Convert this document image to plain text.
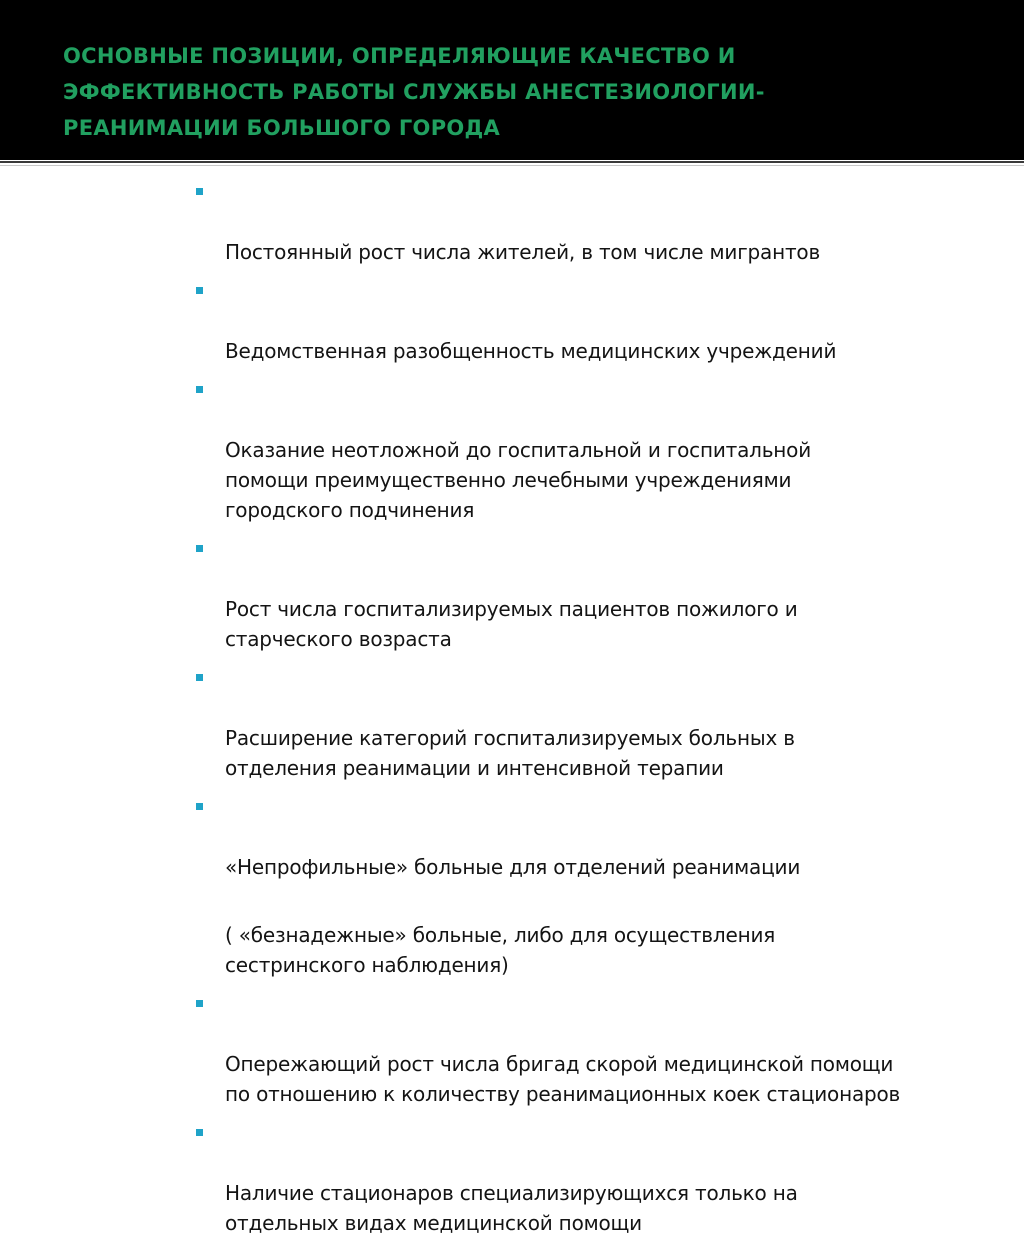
ОСНОВНЫЕ ПОЗИЦИИ, ОПРЕДЕЛЯЮЩИЕ КАЧЕСТВО И
ЭФФЕКТИВНОСТЬ РАБОТЫ СЛУЖБЫ АНЕСТЕЗИОЛОГИИ-
РЕАНИМАЦИИ БОЛЬШОГО ГОРОДА

Постоянный рост числа жителей, в том числе мигрантов

Ведомственная разобщенность медицинских учреждений

Оказание неотложной до госпитальной и госпитальной
помощи преимущественно лечебными учреждениями
городского подчинения

Рост числа госпитализируемых пациентов пожилого и
старческого возраста

Расширение категорий госпитализируемых больных в
отделения реанимации и интенсивной терапии

«Непрофильные» больные для отделений реанимации

( «безнадежные» больные, либо для осуществления
сестринского наблюдения)

Опережающий рост числа бригад скорой медицинской помощи
по отношению к количеству реанимационных коек стационаров

Наличие стационаров специализирующихся только на
отдельных видах медицинской помощи
